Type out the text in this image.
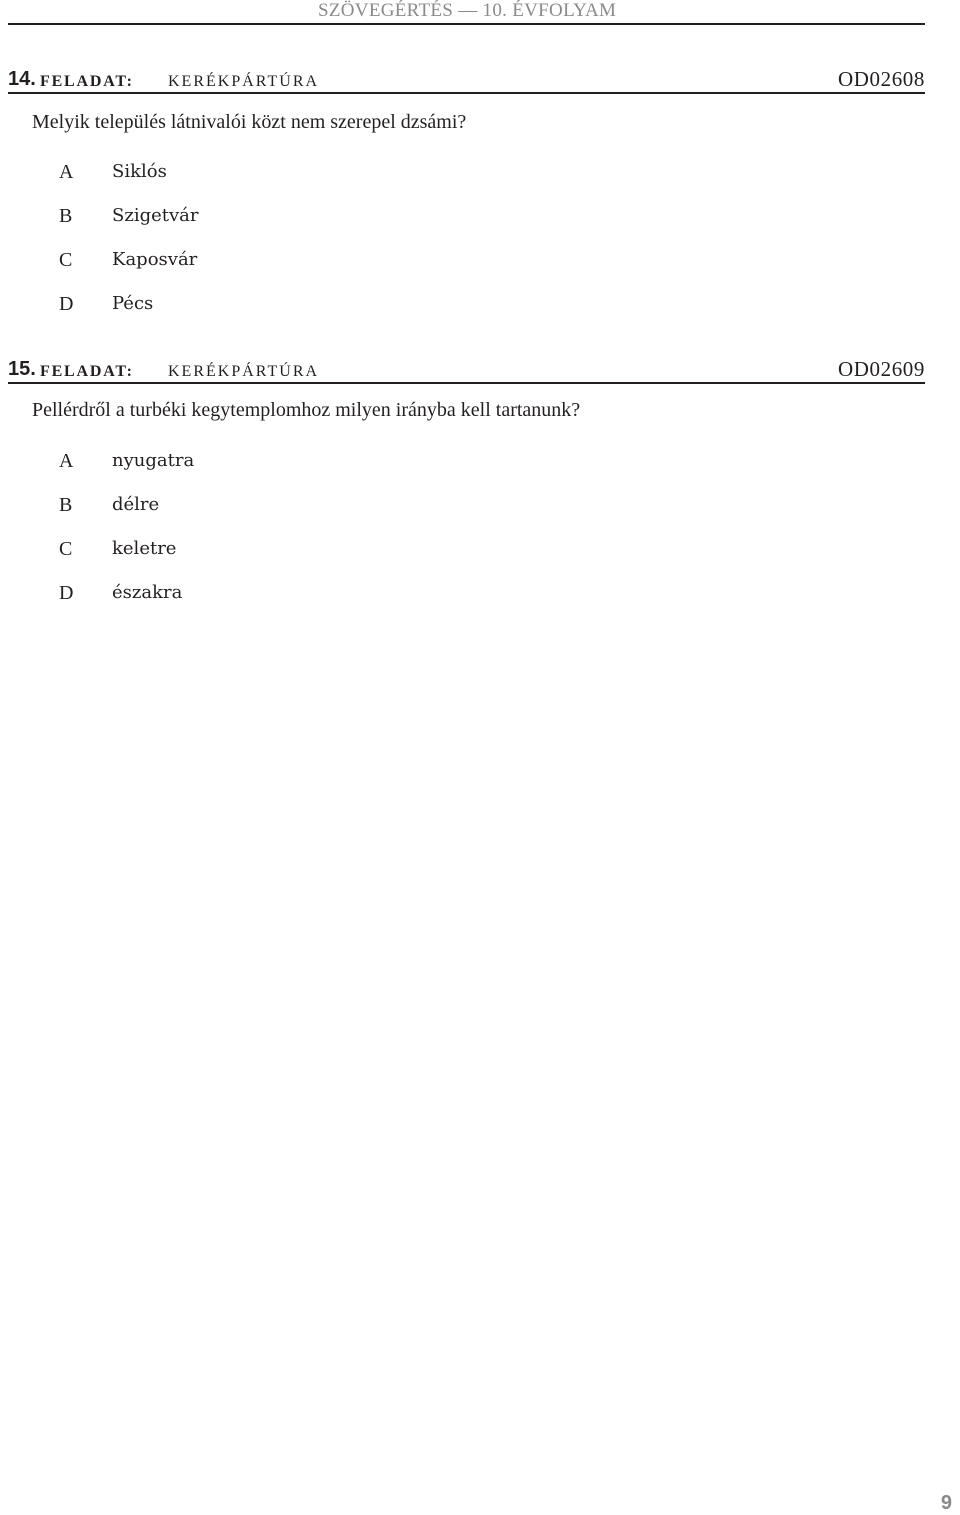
SZÖVEGÉRTÉS — 10. ÉVFOLYAM
14. FELADAT: KERÉKPÁRTÚRA	OD02608
Melyik település látnivalói közt nem szerepel dzsámi?
A Siklós
B Szigetvár
C Kaposvár
D Pécs
15. FELADAT: KERÉKPÁRTÚRA	OD02609
Pellérdről a turbéki kegytemplomhoz milyen irányba kell tartanunk?
A nyugatra
B délre
C keletre
D északra
9
